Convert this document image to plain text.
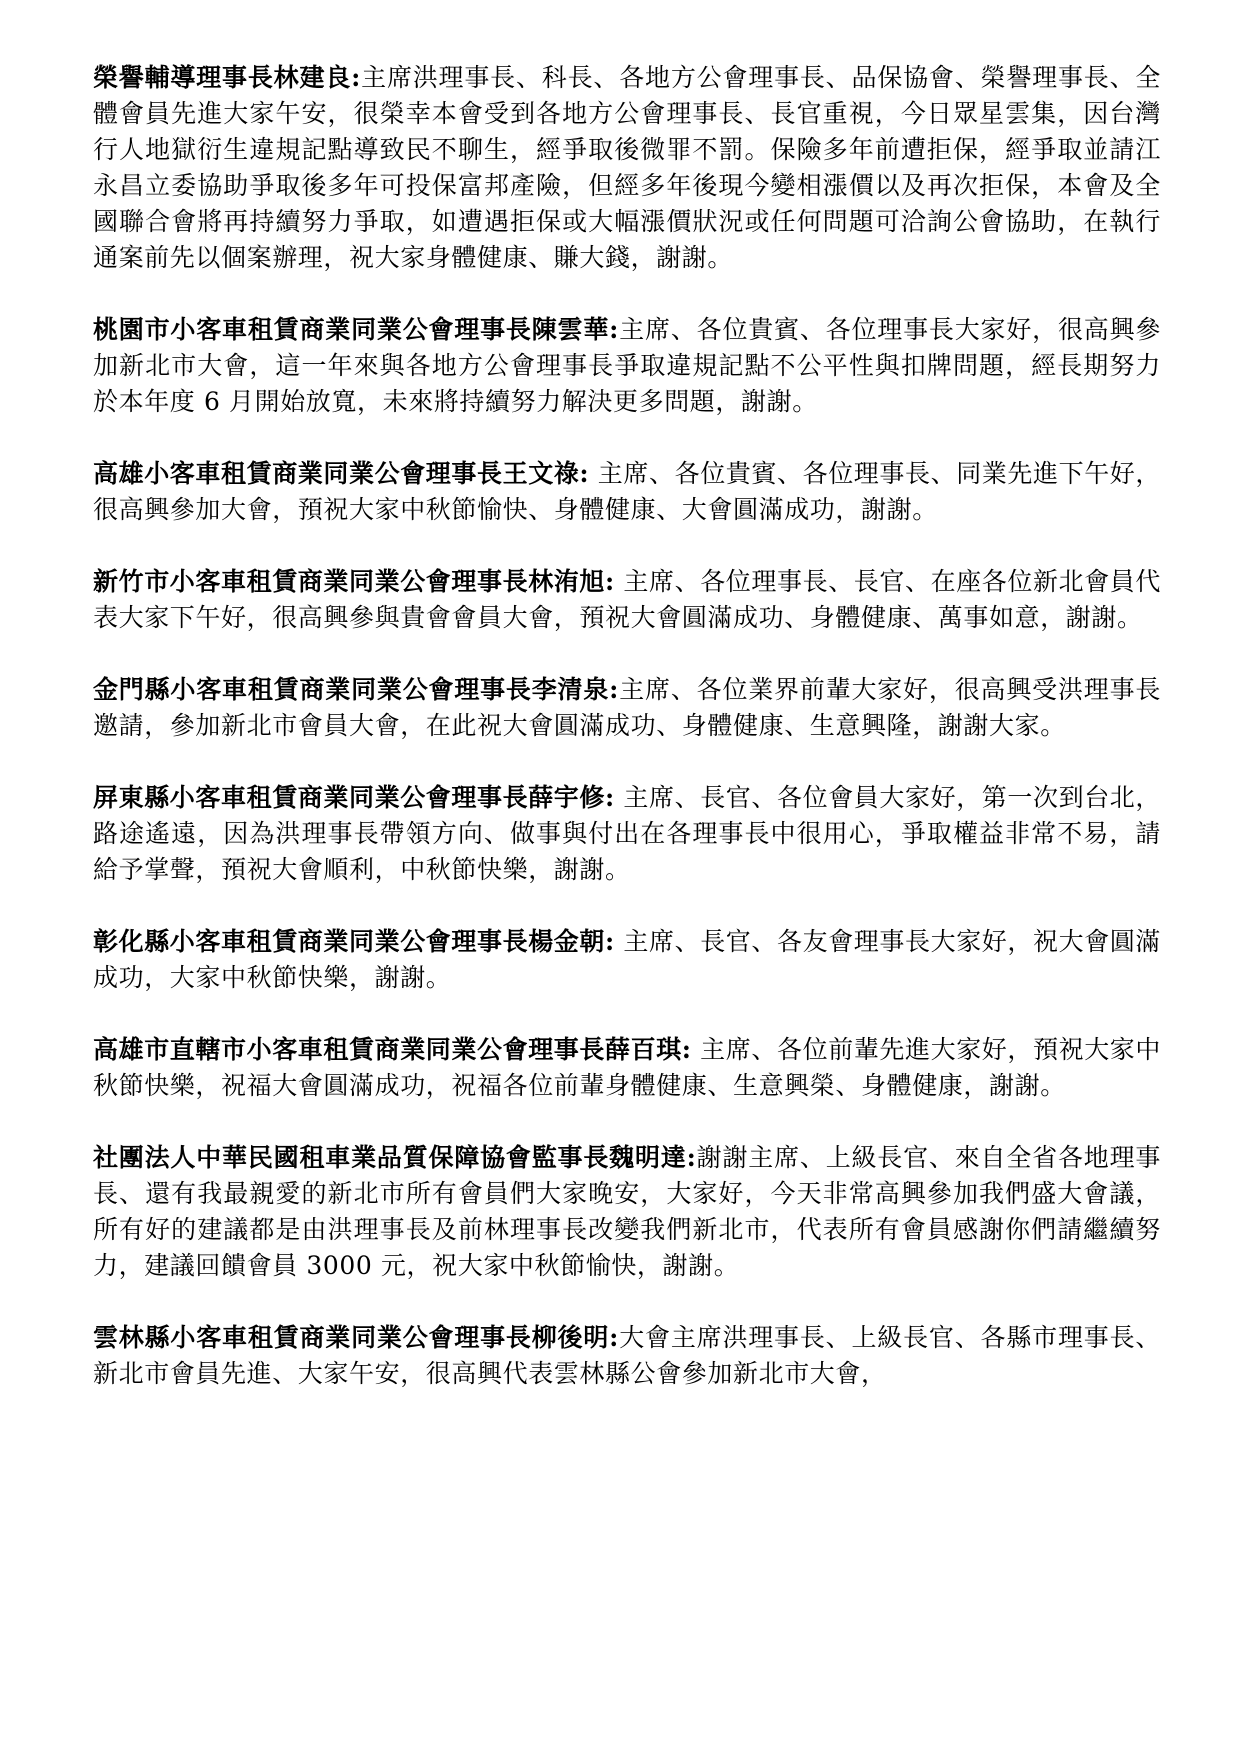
榮譽輔導理事長林建良:主席洪理事長、科長、各地方公會理事長、品保協會、榮譽理事長、全體會員先進大家午安，很榮幸本會受到各地方公會理事長、長官重視，今日眾星雲集，因台灣行人地獄衍生違規記點導致民不聊生，經爭取後微罪不罰。保險多年前遭拒保，經爭取並請江永昌立委協助爭取後多年可投保富邦產險，但經多年後現今變相漲價以及再次拒保，本會及全國聯合會將再持續努力爭取，如遭遇拒保或大幅漲價狀況或任何問題可洽詢公會協助，在執行通案前先以個案辦理，祝大家身體健康、賺大錢，謝謝。

桃園市小客車租賃商業同業公會理事長陳雲華:主席、各位貴賓、各位理事長大家好，很高興參加新北市大會，這一年來與各地方公會理事長爭取違規記點不公平性與扣牌問題，經長期努力於本年度 6 月開始放寬，未來將持續努力解決更多問題，謝謝。

高雄小客車租賃商業同業公會理事長王文祿: 主席、各位貴賓、各位理事長、同業先進下午好，很高興參加大會，預祝大家中秋節愉快、身體健康、大會圓滿成功，謝謝。

新竹市小客車租賃商業同業公會理事長林洧旭: 主席、各位理事長、長官、在座各位新北會員代表大家下午好，很高興參與貴會會員大會，預祝大會圓滿成功、身體健康、萬事如意，謝謝。

金門縣小客車租賃商業同業公會理事長李清泉:主席、各位業界前輩大家好，很高興受洪理事長邀請，參加新北市會員大會，在此祝大會圓滿成功、身體健康、生意興隆，謝謝大家。

屏東縣小客車租賃商業同業公會理事長薛宇修: 主席、長官、各位會員大家好，第一次到台北，路途遙遠，因為洪理事長帶領方向、做事與付出在各理事長中很用心，爭取權益非常不易，請給予掌聲，預祝大會順利，中秋節快樂，謝謝。

彰化縣小客車租賃商業同業公會理事長楊金朝: 主席、長官、各友會理事長大家好，祝大會圓滿成功，大家中秋節快樂，謝謝。

高雄市直轄市小客車租賃商業同業公會理事長薛百琪: 主席、各位前輩先進大家好，預祝大家中秋節快樂，祝福大會圓滿成功，祝福各位前輩身體健康、生意興榮、身體健康，謝謝。

社團法人中華民國租車業品質保障協會監事長魏明達:謝謝主席、上級長官、來自全省各地理事長、還有我最親愛的新北市所有會員們大家晚安，大家好，今天非常高興參加我們盛大會議，所有好的建議都是由洪理事長及前林理事長改變我們新北市，代表所有會員感謝你們請繼續努力，建議回饋會員 3000 元，祝大家中秋節愉快，謝謝。

雲林縣小客車租賃商業同業公會理事長柳後明:大會主席洪理事長、上級長官、各縣市理事長、新北市會員先進、大家午安，很高興代表雲林縣公會參加新北市大會，
